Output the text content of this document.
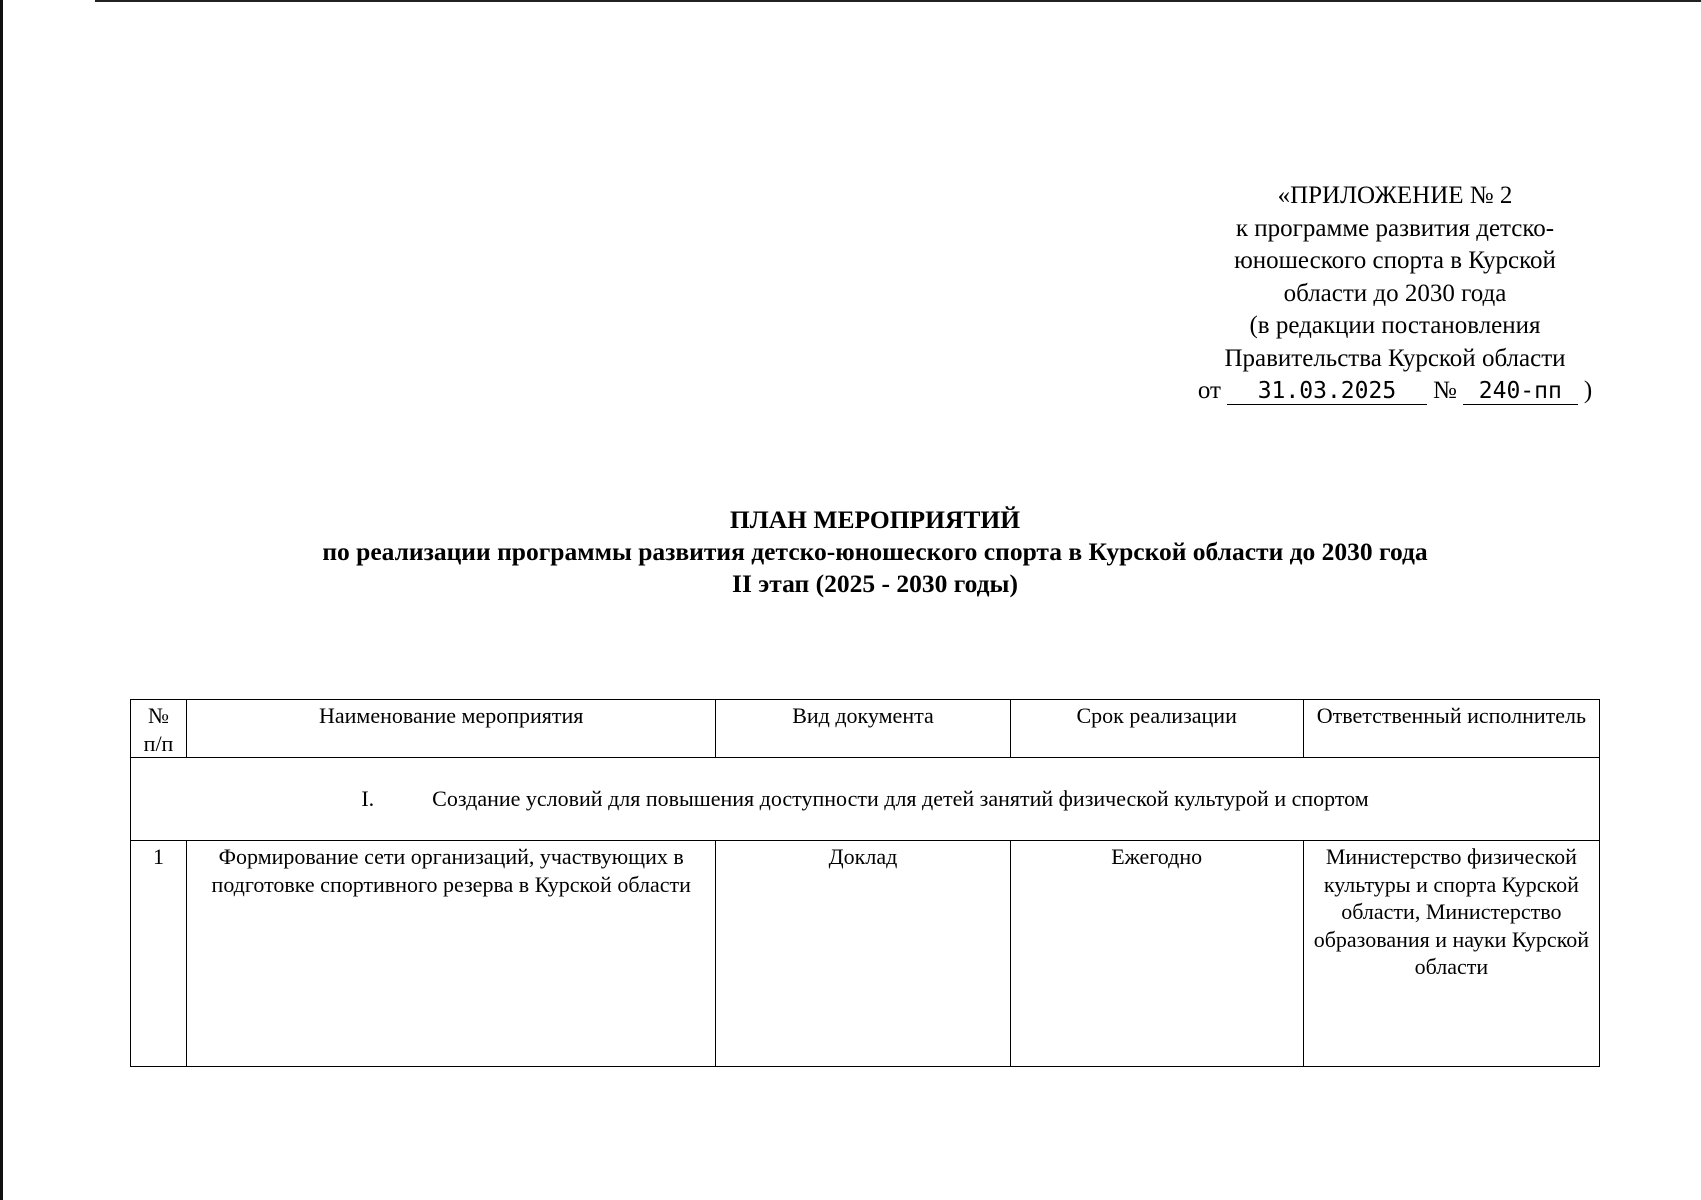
«ПРИЛОЖЕНИЕ № 2
к программе развития детско-
юношеского спорта в Курской
области до 2030 года
(в редакции постановления
Правительства Курской области
от	31.03.2025	№ 240-пп )
ПЛАН МЕРОПРИЯТИЙ
по реализации программы развития детско-юношеского спорта в Курской области до 2030 года
II этап (2025 - 2030 годы)
№ п/п	Наименование мероприятия	Вид документа	Срок реализации	Ответственный исполнитель

I. Создание условий для повышения доступности для детей занятий физической культурой и спортом				

1	Формирование сети организаций, участвующих в подготовке спортивного резерва в Курской области	Доклад	Ежегодно	Министерство физической культуры и спорта Курской области, Министерство образования и науки Курской области
